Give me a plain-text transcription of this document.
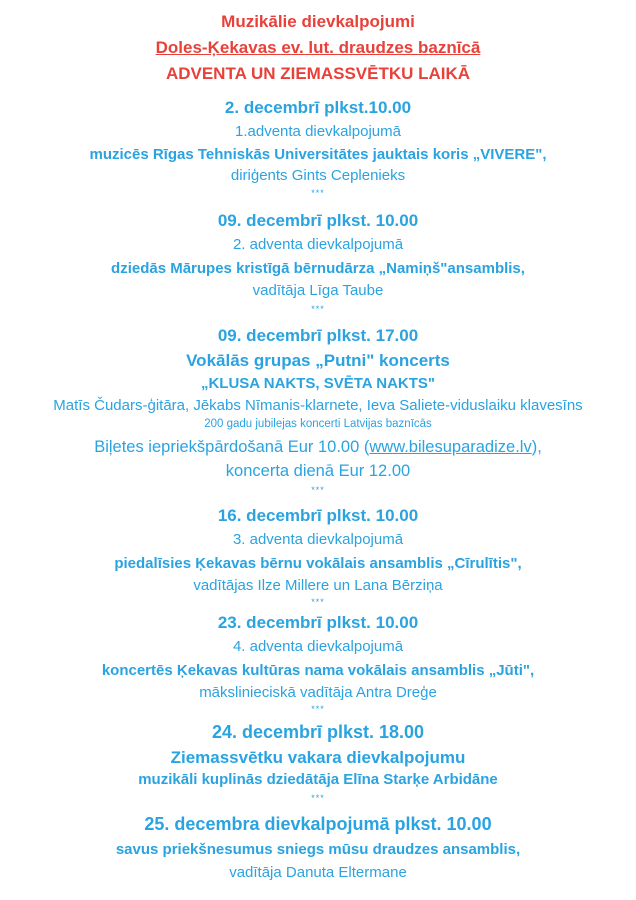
Muzikālie dievkalpojumi
Doles-Ķekavas ev. lut. draudzes baznīcā
ADVENTA UN ZIEMASSVĒTKU LAIKĀ
2. decembrī plkst.10.00
1.adventa dievkalpojumā
muzicēs Rīgas Tehniskās Universitātes jauktais koris „VIVERE",
diriģents Gints Ceplenieks
***
09. decembrī plkst. 10.00
2. adventa dievkalpojumā
dziedās Mārupes kristīgā bērnudārza „Namiņš"ansamblis,
vadītāja Līga Taube
***
09. decembrī plkst. 17.00
Vokālās grupas „Putni" koncerts
„KLUSA NAKTS, SVĒTA NAKTS"
Matīs Čudars-ģitāra, Jēkabs Nīmanis-klarnete, Ieva Saliete-viduslaiku klavesīns
200 gadu jubilejas koncerti Latvijas baznīcās
Biļetes iepriekšpārdošanā Eur 10.00 (www.bilesuparadize.lv),
koncerta dienā Eur 12.00
***
16. decembrī plkst. 10.00
3. adventa dievkalpojumā
piedalīsies Ķekavas bērnu vokālais ansamblis „Cīrulītis",
vadītājas Ilze Millere un Lana Bērziņa
***
23. decembrī plkst. 10.00
4. adventa dievkalpojumā
koncertēs Ķekavas kultūras nama vokālais ansamblis „Jūti",
mākslinieciskā vadītāja Antra Dreģe
***
24. decembrī plkst. 18.00
Ziemassvētku vakara dievkalpojumu
muzikāli kuplinās dziedātāja Elīna Starķe Arbidāne
***
25. decembra dievkalpojumā plkst. 10.00
savus priekšnesumus sniegs mūsu draudzes ansamblis,
vadītāja Danuta Eltermane
